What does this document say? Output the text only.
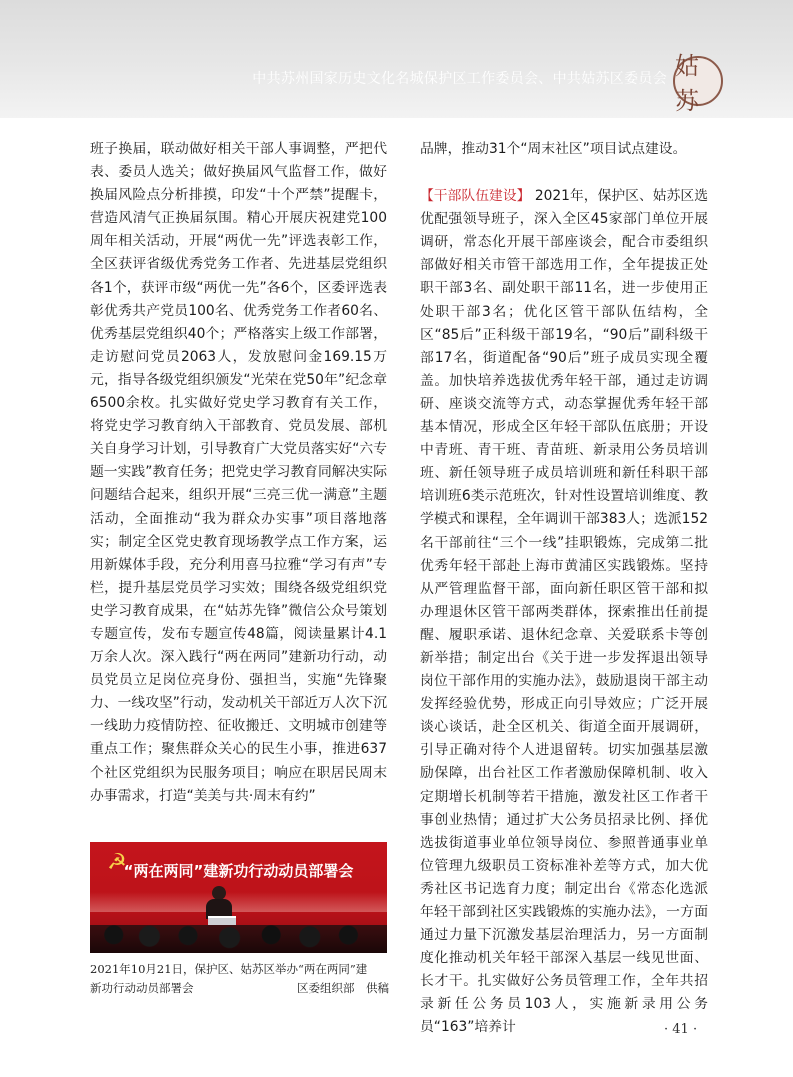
中共苏州国家历史文化名城保护区工作委员会、中共姑苏区委员会 姑苏

班子换届，联动做好相关干部人事调整，严把代表、委员人选关；做好换届风气监督工作，做好换届风险点分析排摸，印发“十个严禁”提醒卡，营造风清气正换届氛围。精心开展庆祝建党100周年相关活动，开展“两优一先”评选表彰工作，全区获评省级优秀党务工作者、先进基层党组织各1个，获评市级“两优一先”各6个，区委评选表彰优秀共产党员100名、优秀党务工作者60名、优秀基层党组织40个；严格落实上级工作部署，走访慰问党员2063人，发放慰问金169.15万元，指导各级党组织颁发“光荣在党50年”纪念章6500余枚。扎实做好党史学习教育有关工作，将党史学习教育纳入干部教育、党员发展、部机关自身学习计划，引导教育广大党员落实好“六专题一实践”教育任务；把党史学习教育同解决实际问题结合起来，组织开展“三亮三优一满意”主题活动，全面推动“我为群众办实事”项目落地落实；制定全区党史教育现场教学点工作方案，运用新媒体手段，充分利用喜马拉雅“学习有声”专栏，提升基层党员学习实效；围绕各级党组织党史学习教育成果，在“姑苏先锋”微信公众号策划专题宣传，发布专题宣传48篇，阅读量累计4.1万余人次。深入践行“两在两同”建新功行动，动员党员立足岗位亮身份、强担当，实施“先锋聚力、一线攻坚”行动，发动机关干部近万人次下沉一线助力疫情防控、征收搬迁、文明城市创建等重点工作；聚焦群众关心的民生小事，推进637个社区党组织为民服务项目；响应在职居民周末办事需求，打造“美美与共·周末有约”

☭
“两在两同”建新功行动动员部署会

2021年10月21日，保护区、姑苏区举办“两在两同”建

新功行动动员部署会	区委组织部　供稿

品牌，推动31个“周末社区”项目试点建设。

【干部队伍建设】 2021年，保护区、姑苏区选优配强领导班子，深入全区45家部门单位开展调研，常态化开展干部座谈会，配合市委组织部做好相关市管干部选用工作，全年提拔正处职干部3名、副处职干部11名，进一步使用正处职干部3名；优化区管干部队伍结构，全区“85后”正科级干部19名，“90后”副科级干部17名，街道配备“90后”班子成员实现全覆盖。加快培养选拔优秀年轻干部，通过走访调研、座谈交流等方式，动态掌握优秀年轻干部基本情况，形成全区年轻干部队伍底册；开设中青班、青干班、青苗班、新录用公务员培训班、新任领导班子成员培训班和新任科职干部培训班6类示范班次，针对性设置培训维度、教学模式和课程，全年调训干部383人；选派152名干部前往“三个一线”挂职锻炼，完成第二批优秀年轻干部赴上海市黄浦区实践锻炼。坚持从严管理监督干部，面向新任职区管干部和拟办理退休区管干部两类群体，探索推出任前提醒、履职承诺、退休纪念章、关爱联系卡等创新举措；制定出台《关于进一步发挥退出领导岗位干部作用的实施办法》，鼓励退岗干部主动发挥经验优势，形成正向引导效应；广泛开展谈心谈话，赴全区机关、街道全面开展调研，引导正确对待个人进退留转。切实加强基层激励保障，出台社区工作者激励保障机制、收入定期增长机制等若干措施，激发社区工作者干事创业热情；通过扩大公务员招录比例、择优选拔街道事业单位领导岗位、参照普通事业单位管理九级职员工资标准补差等方式，加大优秀社区书记选育力度；制定出台《常态化选派年轻干部到社区实践锻炼的实施办法》，一方面通过力量下沉激发基层治理活力，另一方面制度化推动机关年轻干部深入基层一线见世面、长才干。扎实做好公务员管理工作，全年共招录新任公务员103人，实施新录用公务员“163”培养计	· 41 ·
